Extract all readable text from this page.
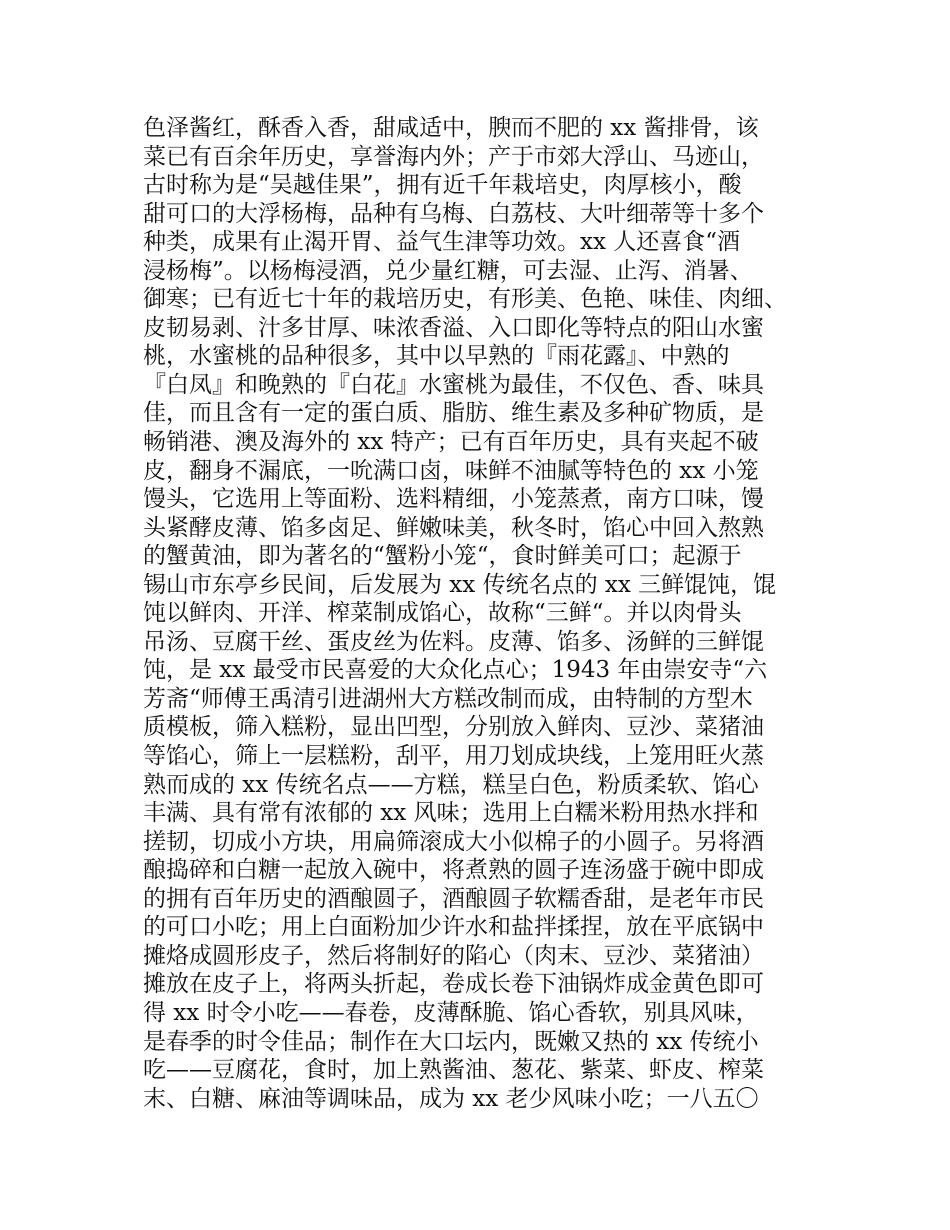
色泽酱红，酥香入香，甜咸适中，腴而不肥的 xx 酱排骨，该
菜已有百余年历史，享誉海内外；产于市郊大浮山、马迹山，
古时称为是“吴越佳果”，拥有近千年栽培史，肉厚核小，酸
甜可口的大浮杨梅，品种有乌梅、白荔枝、大叶细蒂等十多个
种类，成果有止渴开胃、益气生津等功效。xx 人还喜食“酒
浸杨梅”。以杨梅浸酒，兑少量红糖，可去湿、止泻、消暑、
御寒；已有近七十年的栽培历史，有形美、色艳、味佳、肉细、
皮韧易剥、汁多甘厚、味浓香溢、入口即化等特点的阳山水蜜
桃，水蜜桃的品种很多，其中以早熟的『雨花露』、中熟的
『白凤』和晚熟的『白花』水蜜桃为最佳，不仅色、香、味具
佳，而且含有一定的蛋白质、脂肪、维生素及多种矿物质，是
畅销港、澳及海外的 xx 特产；已有百年历史，具有夹起不破
皮，翻身不漏底，一吮满口卤，味鲜不油腻等特色的 xx 小笼
馒头，它选用上等面粉、选料精细，小笼蒸煮，南方口味，馒
头紧酵皮薄、馅多卤足、鲜嫩味美，秋冬时，馅心中回入熬熟
的蟹黄油，即为著名的“蟹粉小笼“，食时鲜美可口；起源于
锡山市东亭乡民间，后发展为 xx 传统名点的 xx 三鲜馄饨，馄
饨以鲜肉、开洋、榨菜制成馅心，故称“三鲜“。并以肉骨头
吊汤、豆腐干丝、蛋皮丝为佐料。皮薄、馅多、汤鲜的三鲜馄
饨，是 xx 最受市民喜爱的大众化点心；1943 年由崇安寺“六
芳斋“师傅王禹清引进湖州大方糕改制而成，由特制的方型木
质模板，筛入糕粉，显出凹型，分别放入鲜肉、豆沙、菜猪油
等馅心，筛上一层糕粉，刮平，用刀划成块线，上笼用旺火蒸
熟而成的 xx 传统名点——方糕，糕呈白色，粉质柔软、馅心
丰满、具有常有浓郁的 xx 风味；选用上白糯米粉用热水拌和
搓韧，切成小方块，用扁筛滚成大小似棉子的小圆子。另将酒
酿捣碎和白糖一起放入碗中，将煮熟的圆子连汤盛于碗中即成
的拥有百年历史的酒酿圆子，酒酿圆子软糯香甜，是老年市民
的可口小吃；用上白面粉加少许水和盐拌揉捏，放在平底锅中
摊烙成圆形皮子，然后将制好的陷心（肉末、豆沙、菜猪油）
摊放在皮子上，将两头折起，卷成长卷下油锅炸成金黄色即可
得 xx 时令小吃——春卷，皮薄酥脆、馅心香软，别具风味，
是春季的时令佳品；制作在大口坛内，既嫩又热的 xx 传统小
吃——豆腐花，食时，加上熟酱油、葱花、紫菜、虾皮、榨菜
末、白糖、麻油等调味品，成为 xx 老少风味小吃；一八五〇
